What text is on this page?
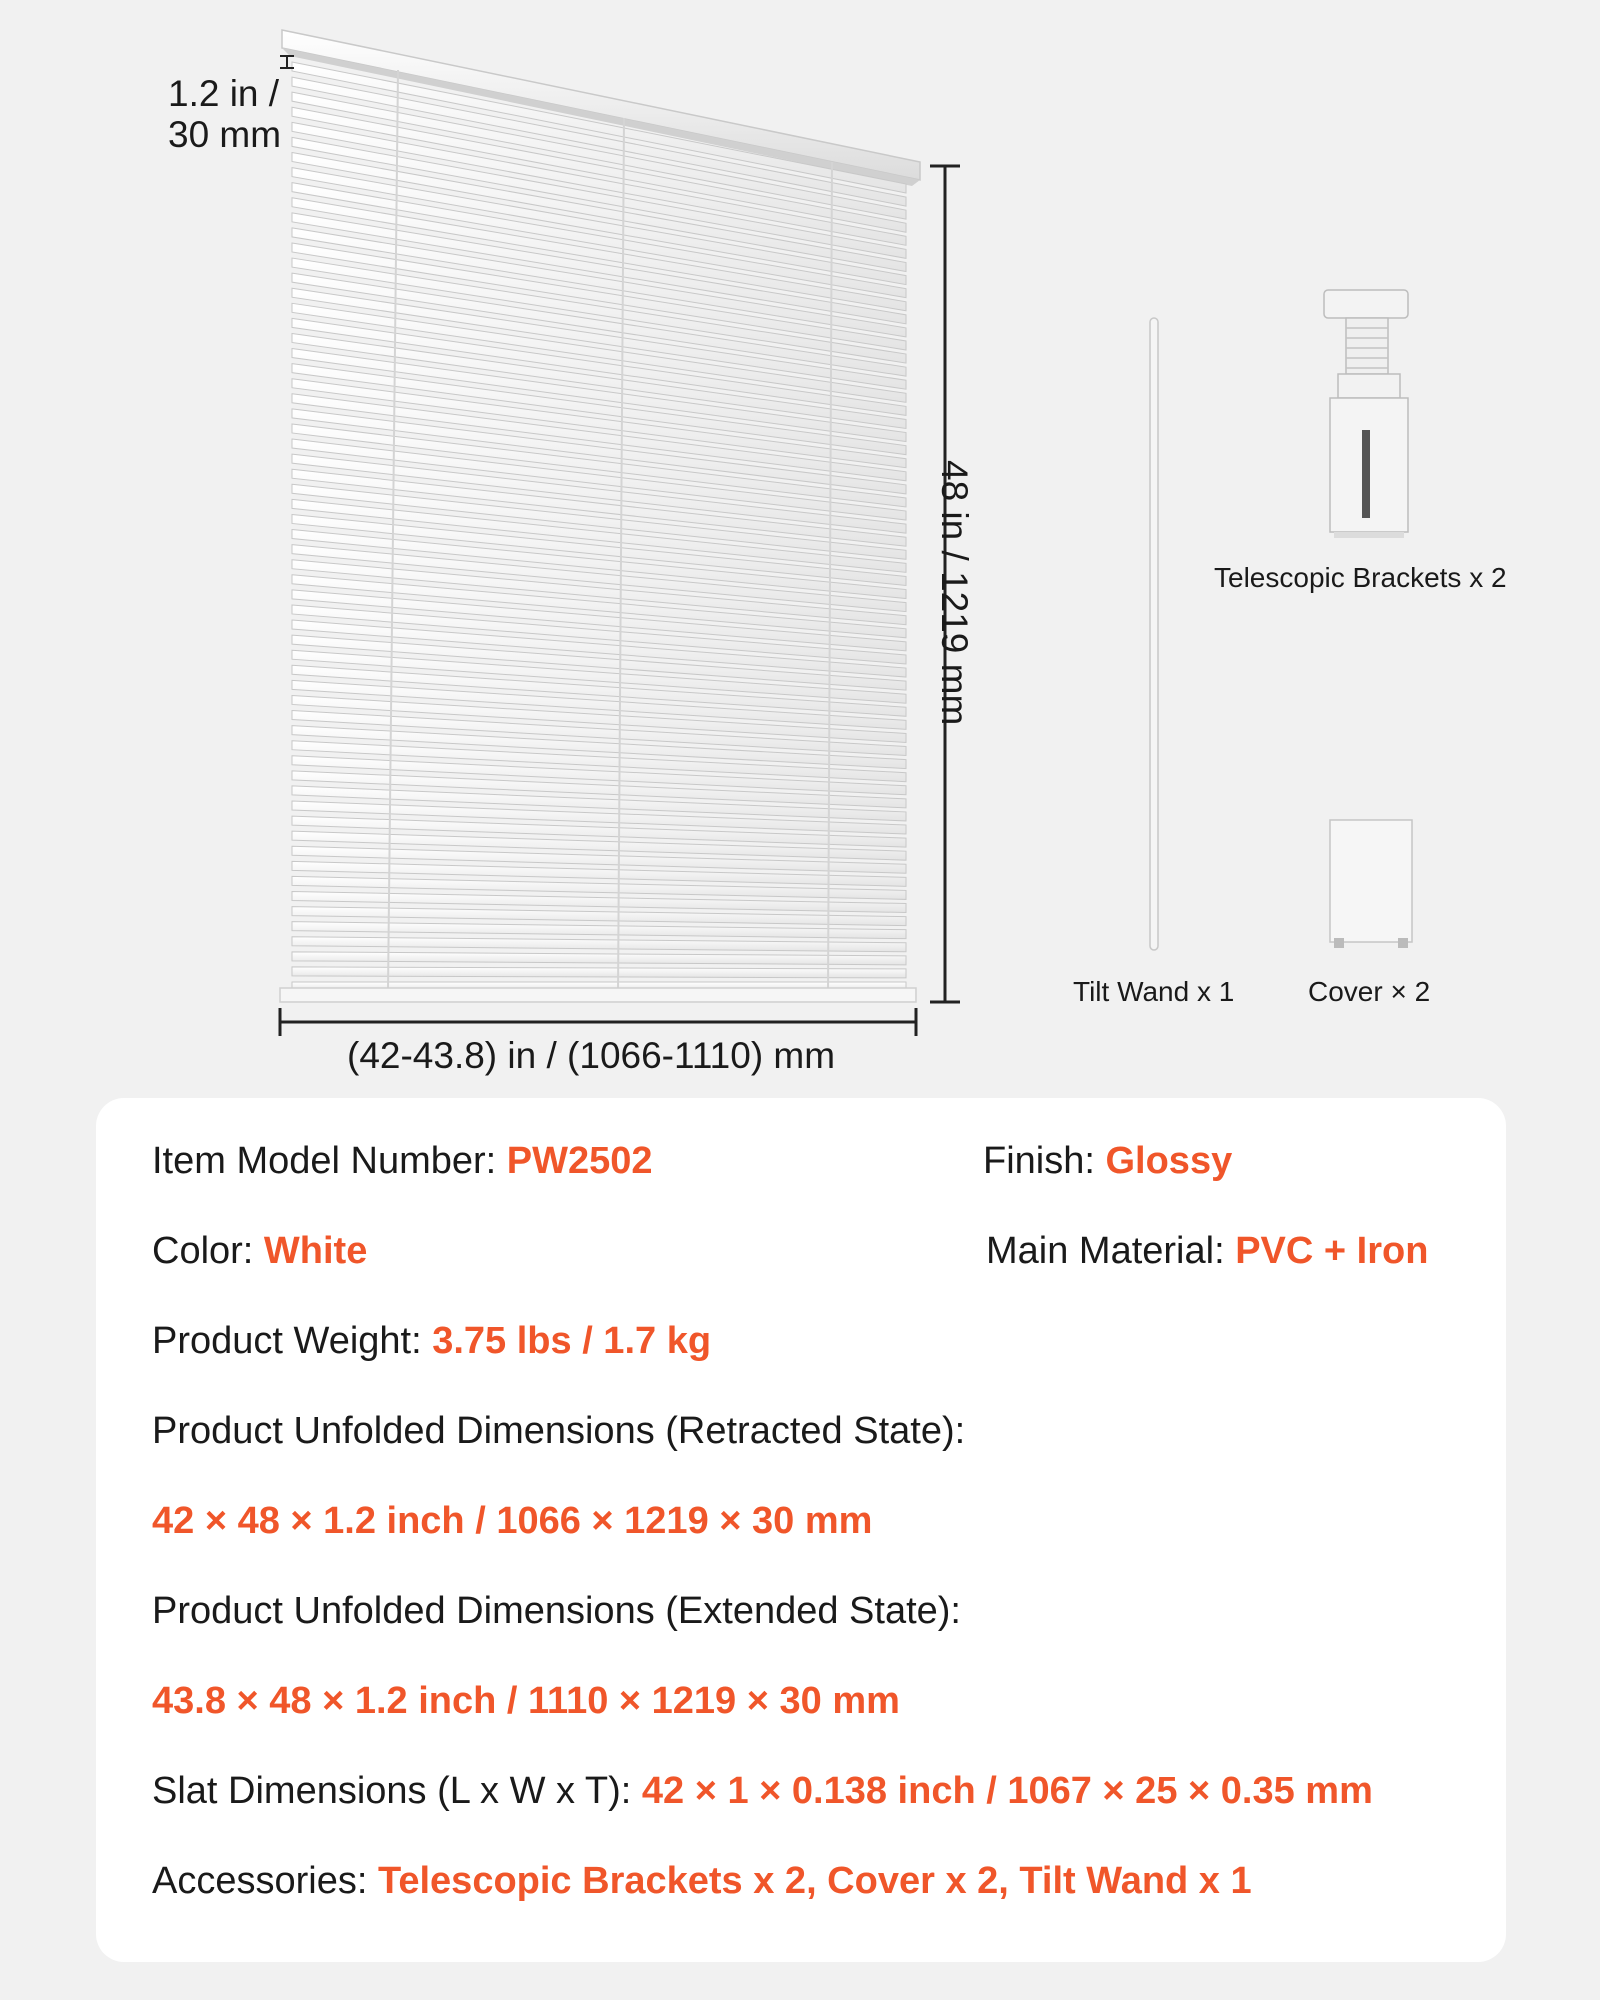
1.2 in /
30 mm
48 in / 1219 mm
(42-43.8) in / (1066-1110) mm
Telescopic Brackets x 2
Tilt Wand x 1	Cover × 2
Item Model Number: PW2502	Finish: Glossy
Color: White	Main Material: PVC + Iron
Product Weight: 3.75 lbs / 1.7 kg
Product Unfolded Dimensions (Retracted State):
42 × 48 × 1.2 inch / 1066 × 1219 × 30 mm
Product Unfolded Dimensions (Extended State):
43.8 × 48 × 1.2 inch / 1110 × 1219 × 30 mm
Slat Dimensions (L x W x T): 42 × 1 × 0.138 inch / 1067 × 25 × 0.35 mm
Accessories: Telescopic Brackets x 2, Cover x 2, Tilt Wand x 1
